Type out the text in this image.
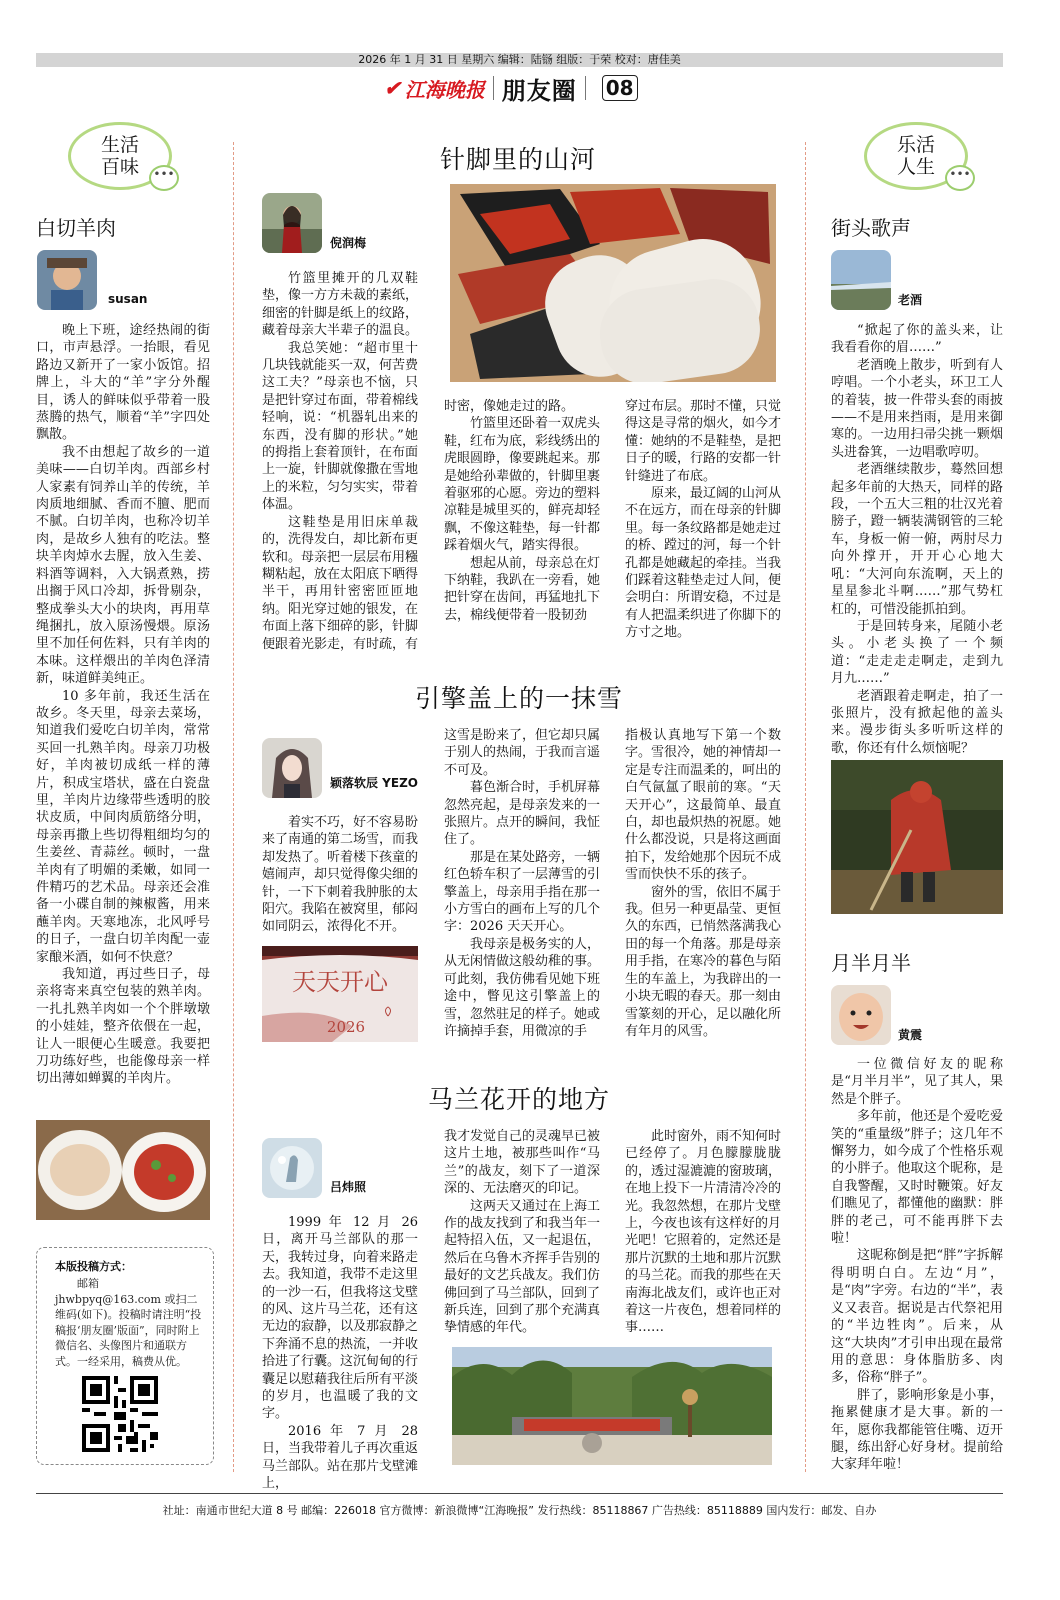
2026 年 1 月 31 日 星期六 编辑：陆铴 组版：于荣 校对：唐佳美
✔ 江海晚报 朋友圈 08
生活
百味	•••
白切羊肉
susan

晚上下班，途经热闹的街口，市声悬浮。一抬眼，看见路边又新开了一家小饭馆。招牌上，斗大的“羊”字分外醒目，诱人的鲜味似乎带着一股蒸腾的热气，顺着“羊”字四处飘散。

我不由想起了故乡的一道美味——白切羊肉。西部乡村人家素有饲养山羊的传统，羊肉质地细腻、香而不膻、肥而不腻。白切羊肉，也称冷切羊肉，是故乡人独有的吃法。整块羊肉焯水去腥，放入生姜、料酒等调料，入大锅煮熟，捞出搁于风口冷却，拆骨剔杂，整成拳头大小的块肉，再用草绳捆扎，放入原汤慢煨。原汤里不加任何佐料，只有羊肉的本味。这样煨出的羊肉色泽清新，味道鲜美纯正。

10 多年前，我还生活在故乡。冬天里，母亲去菜场，知道我们爱吃白切羊肉，常常买回一扎熟羊肉。母亲刀功极好，羊肉被切成纸一样的薄片，积成宝塔状，盛在白瓷盘里，羊肉片边缘带些透明的胶状皮质，中间肉质筋络分明，母亲再撒上些切得粗细均匀的生姜丝、青蒜丝。顿时，一盘羊肉有了明媚的柔嫩，如同一件精巧的艺术品。母亲还会准备一小碟自制的辣椒酱，用来蘸羊肉。天寒地冻，北风呼号的日子，一盘白切羊肉配一壶家酿米酒，如何不快意？

我知道，再过些日子，母亲将寄来真空包装的熟羊肉。一扎扎熟羊肉如一个个胖墩墩的小娃娃，整齐依偎在一起，让人一眼便心生暖意。我要把刀功练好些，也能像母亲一样切出薄如蝉翼的羊肉片。

本版投稿方式：
邮箱 jhwbpyq@163.com 或扫二维码(如下)。投稿时请注明“投稿报‘朋友圈’版面”，同时附上微信名、头像图片和通联方式。一经采用，稿费从优。
针脚里的山河
倪润梅

竹篮里摊开的几双鞋垫，像一方方未裁的素纸，细密的针脚是纸上的纹路，藏着母亲大半辈子的温良。

我总笑她：“超市里十几块钱就能买一双，何苦费这工夫？”母亲也不恼，只是把针穿过布面，带着棉线轻响，说：“机器轧出来的东西，没有脚的形状。”她的拇指上套着顶针，在布面上一旋，针脚就像撒在雪地上的米粒，匀匀实实，带着体温。

这鞋垫是用旧床单裁的，洗得发白，却比新布更软和。母亲把一层层布用糨糊粘起，放在太阳底下晒得半干，再用针密密匝匝地纳。阳光穿过她的银发，在布面上落下细碎的影，针脚便跟着光影走，有时疏，有

时密，像她走过的路。

竹篮里还卧着一双虎头鞋，红布为底，彩线绣出的虎眼圆睁，像要跳起来。那是她给孙辈做的，针脚里裹着驱邪的心愿。旁边的塑料凉鞋是城里买的，鲜亮却轻飘，不像这鞋垫，每一针都踩着烟火气，踏实得很。

想起从前，母亲总在灯下纳鞋，我趴在一旁看，她把针穿在齿间，再猛地扎下去，棉线便带着一股韧劲

穿过布层。那时不懂，只觉得这是寻常的烟火，如今才懂：她纳的不是鞋垫，是把日子的暖，行路的安都一针针缝进了布底。

原来，最辽阔的山河从不在远方，而在母亲的针脚里。每一条纹路都是她走过的桥、蹚过的河，每一个针孔都是她藏起的牵挂。当我们踩着这鞋垫走过人间，便会明白：所谓安稳，不过是有人把温柔织进了你脚下的方寸之地。

引擎盖上的一抹雪
颖落软辰 YEZO

着实不巧，好不容易盼来了南通的第二场雪，而我却发热了。听着楼下孩童的嬉闹声，却只觉得像尖细的针，一下下刺着我肿胀的太阳穴。我陷在被窝里，郁闷如同阴云，浓得化不开。

天天开心
2026

这雪是盼来了，但它却只属于别人的热闹，于我而言遥不可及。

暮色渐合时，手机屏幕忽然亮起，是母亲发来的一张照片。点开的瞬间，我怔住了。

那是在某处路旁，一辆红色轿车积了一层薄雪的引擎盖上，母亲用手指在那一小方雪白的画布上写的几个字：2026 天天开心。

我母亲是极务实的人，从无闲情做这般幼稚的事。可此刻，我仿佛看见她下班途中，瞥见这引擎盖上的雪，忽然驻足的样子。她或许摘掉手套，用微凉的手

指极认真地写下第一个数字。雪很冷，她的神情却一定是专注而温柔的，呵出的白气氤氲了眼前的寒。“天天开心”，这最简单、最直白，却也最炽热的祝愿。她什么都没说，只是将这画面拍下，发给她那个因玩不成雪而快快不乐的孩子。

窗外的雪，依旧不属于我。但另一种更晶莹、更恒久的东西，已悄然落满我心田的每一个角落。那是母亲用手指，在寒冷的暮色与陌生的车盖上，为我辟出的一小块无暇的春天。那一刻由雪篆刻的开心，足以融化所有年月的风雪。

马兰花开的地方
吕炜照

1999 年 12 月 26 日，离开马兰部队的那一天，我转过身，向着来路走去。我知道，我带不走这里的一沙一石，但我将这戈壁的风、这片马兰花，还有这无边的寂静，以及那寂静之下奔涌不息的热流，一并收拾进了行囊。这沉甸甸的行囊足以慰藉我往后所有平淡的岁月，也温暖了我的文字。

2016 年 7 月 28 日，当我带着儿子再次重返马兰部队。站在那片戈壁滩上，

我才发觉自己的灵魂早已被这片土地，被那些叫作“马兰”的战友，刻下了一道深深的、无法磨灭的印记。

这两天又通过在上海工作的战友找到了和我当年一起特招入伍，又一起退伍，然后在乌鲁木齐挥手告别的最好的文艺兵战友。我们仿佛回到了马兰部队，回到了新兵连，回到了那个充满真挚情感的年代。

此时窗外，雨不知何时已经停了。月色朦朦胧胧的，透过湿漉漉的窗玻璃，在地上投下一片清清冷冷的光。我忽然想，在那片戈壁上，今夜也该有这样好的月光吧！它照着的，定然还是那片沉默的土地和那片沉默的马兰花。而我的那些在天南海北战友们，或许也正对着这一片夜色，想着同样的事……

乐活
人生	•••
街头歌声
老酒

“掀起了你的盖头来，让我看看你的眉……”

老酒晚上散步，听到有人哼唱。一个小老头，环卫工人的着装，披一件带头套的雨披——不是用来挡雨，是用来御寒的。一边用扫帚尖挑一颗烟头进畚箕，一边唱歌哼叨。

老酒继续散步，蓦然回想起多年前的大热天，同样的路段，一个五大三粗的壮汉光着膀子，蹬一辆装满钢管的三轮车，身板一俯一俯，两肘尽力向外撑开，开开心心地大吼：“大河向东流啊，天上的星星参北斗啊……”那气势杠杠的，可惜没能抓拍到。

于是回转身来，尾随小老头。小老头换了一个频道：“走走走走啊走，走到九月九……”

老酒跟着走啊走，拍了一张照片，没有掀起他的盖头来。漫步街头多听听这样的歌，你还有什么烦恼呢？

月半月半
黄震

一位微信好友的昵称是“月半月半”，见了其人，果然是个胖子。

多年前，他还是个爱吃爱笑的“重量级”胖子；这几年不懈努力，如今成了个性格乐观的小胖子。他取这个昵称，是自我警醒，又时时鞭策。好友们瞧见了，都懂他的幽默：胖胖的老己，可不能再胖下去啦！

这昵称倒是把“胖”字拆解得明明白白。左边“月”，是“肉”字旁。右边的“半”，表义又表音。据说是古代祭祀用的“半边牲肉”。后来，从这“大块肉”才引申出现在最常用的意思：身体脂肪多、肉多，俗称“胖子”。

胖了，影响形象是小事，拖累健康才是大事。新的一年，愿你我都能管住嘴、迈开腿，练出舒心好身材。提前给大家拜年啦！

社址：南通市世纪大道 8 号 邮编：226018 官方微博：新浪微博“江海晚报” 发行热线：85118867 广告热线：85118889 国内发行：邮发、自办
